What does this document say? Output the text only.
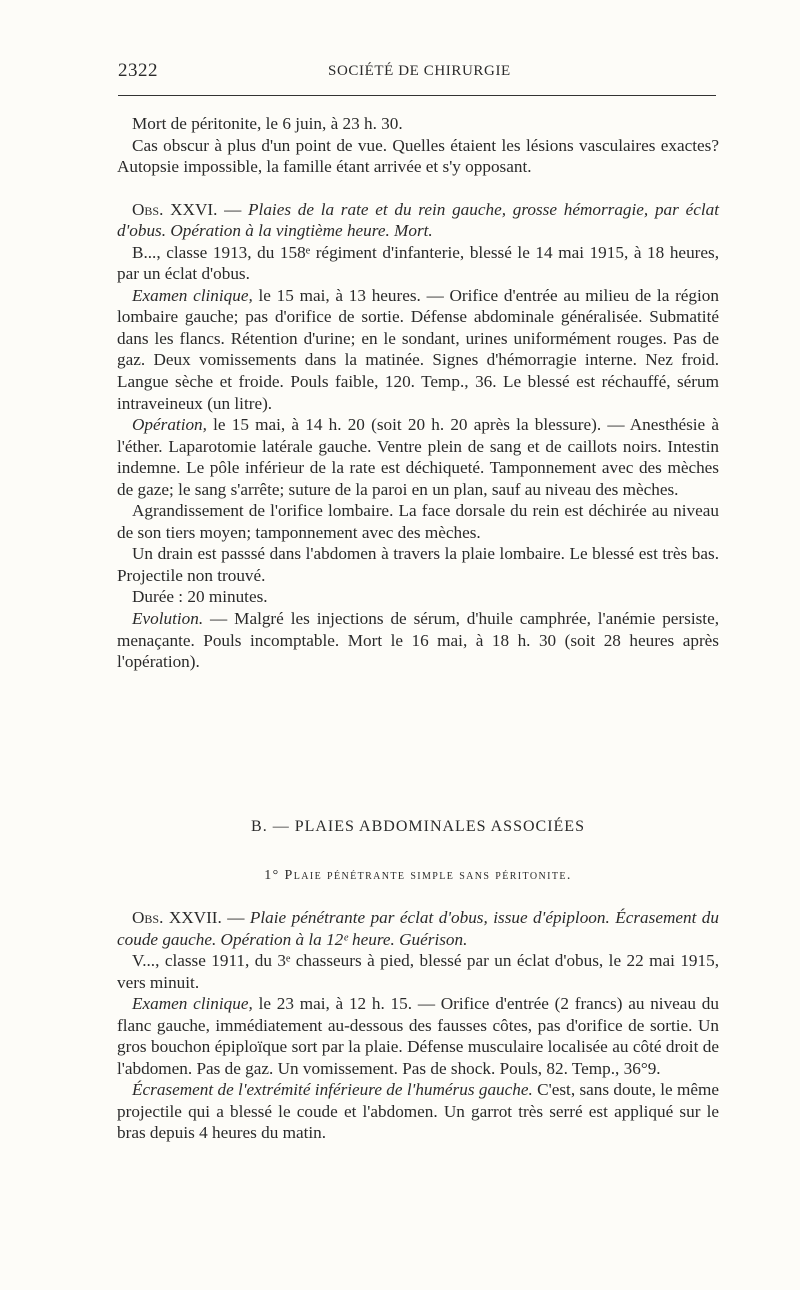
2322	SOCIÉTÉ DE CHIRURGIE

Mort de péritonite, le 6 juin, à 23 h. 30.

Cas obscur à plus d'un point de vue. Quelles étaient les lésions vasculaires exactes? Autopsie impossible, la famille étant arrivée et s'y opposant.

Obs. XXVI. — Plaies de la rate et du rein gauche, grosse hémorragie, par éclat d'obus. Opération à la vingtième heure. Mort.

B..., classe 1913, du 158ᵉ régiment d'infanterie, blessé le 14 mai 1915, à 18 heures, par un éclat d'obus.

Examen clinique, le 15 mai, à 13 heures. — Orifice d'entrée au milieu de la région lombaire gauche; pas d'orifice de sortie. Défense abdominale généralisée. Submatité dans les flancs. Rétention d'urine; en le sondant, urines uniformément rouges. Pas de gaz. Deux vomissements dans la matinée. Signes d'hémorragie interne. Nez froid. Langue sèche et froide. Pouls faible, 120. Temp., 36. Le blessé est réchauffé, sérum intraveineux (un litre).

Opération, le 15 mai, à 14 h. 20 (soit 20 h. 20 après la blessure). — Anesthésie à l'éther. Laparotomie latérale gauche. Ventre plein de sang et de caillots noirs. Intestin indemne. Le pôle inférieur de la rate est déchiqueté. Tamponnement avec des mèches de gaze; le sang s'arrête; suture de la paroi en un plan, sauf au niveau des mèches.

Agrandissement de l'orifice lombaire. La face dorsale du rein est déchirée au niveau de son tiers moyen; tamponnement avec des mèches.

Un drain est passsé dans l'abdomen à travers la plaie lombaire. Le blessé est très bas. Projectile non trouvé.

Durée : 20 minutes.

Evolution. — Malgré les injections de sérum, d'huile camphrée, l'anémie persiste, menaçante. Pouls incomptable. Mort le 16 mai, à 18 h. 30 (soit 28 heures après l'opération).

B. — PLAIES ABDOMINALES ASSOCIÉES
1° Plaie pénétrante simple sans péritonite.

Obs. XXVII. — Plaie pénétrante par éclat d'obus, issue d'épiploon. Écrasement du coude gauche. Opération à la 12ᵉ heure. Guérison.

V..., classe 1911, du 3ᵉ chasseurs à pied, blessé par un éclat d'obus, le 22 mai 1915, vers minuit.

Examen clinique, le 23 mai, à 12 h. 15. — Orifice d'entrée (2 francs) au niveau du flanc gauche, immédiatement au-dessous des fausses côtes, pas d'orifice de sortie. Un gros bouchon épiploïque sort par la plaie. Défense musculaire localisée au côté droit de l'abdomen. Pas de gaz. Un vomissement. Pas de shock. Pouls, 82. Temp., 36°9.

Écrasement de l'extrémité inférieure de l'humérus gauche. C'est, sans doute, le même projectile qui a blessé le coude et l'abdomen. Un garrot très serré est appliqué sur le bras depuis 4 heures du matin.
